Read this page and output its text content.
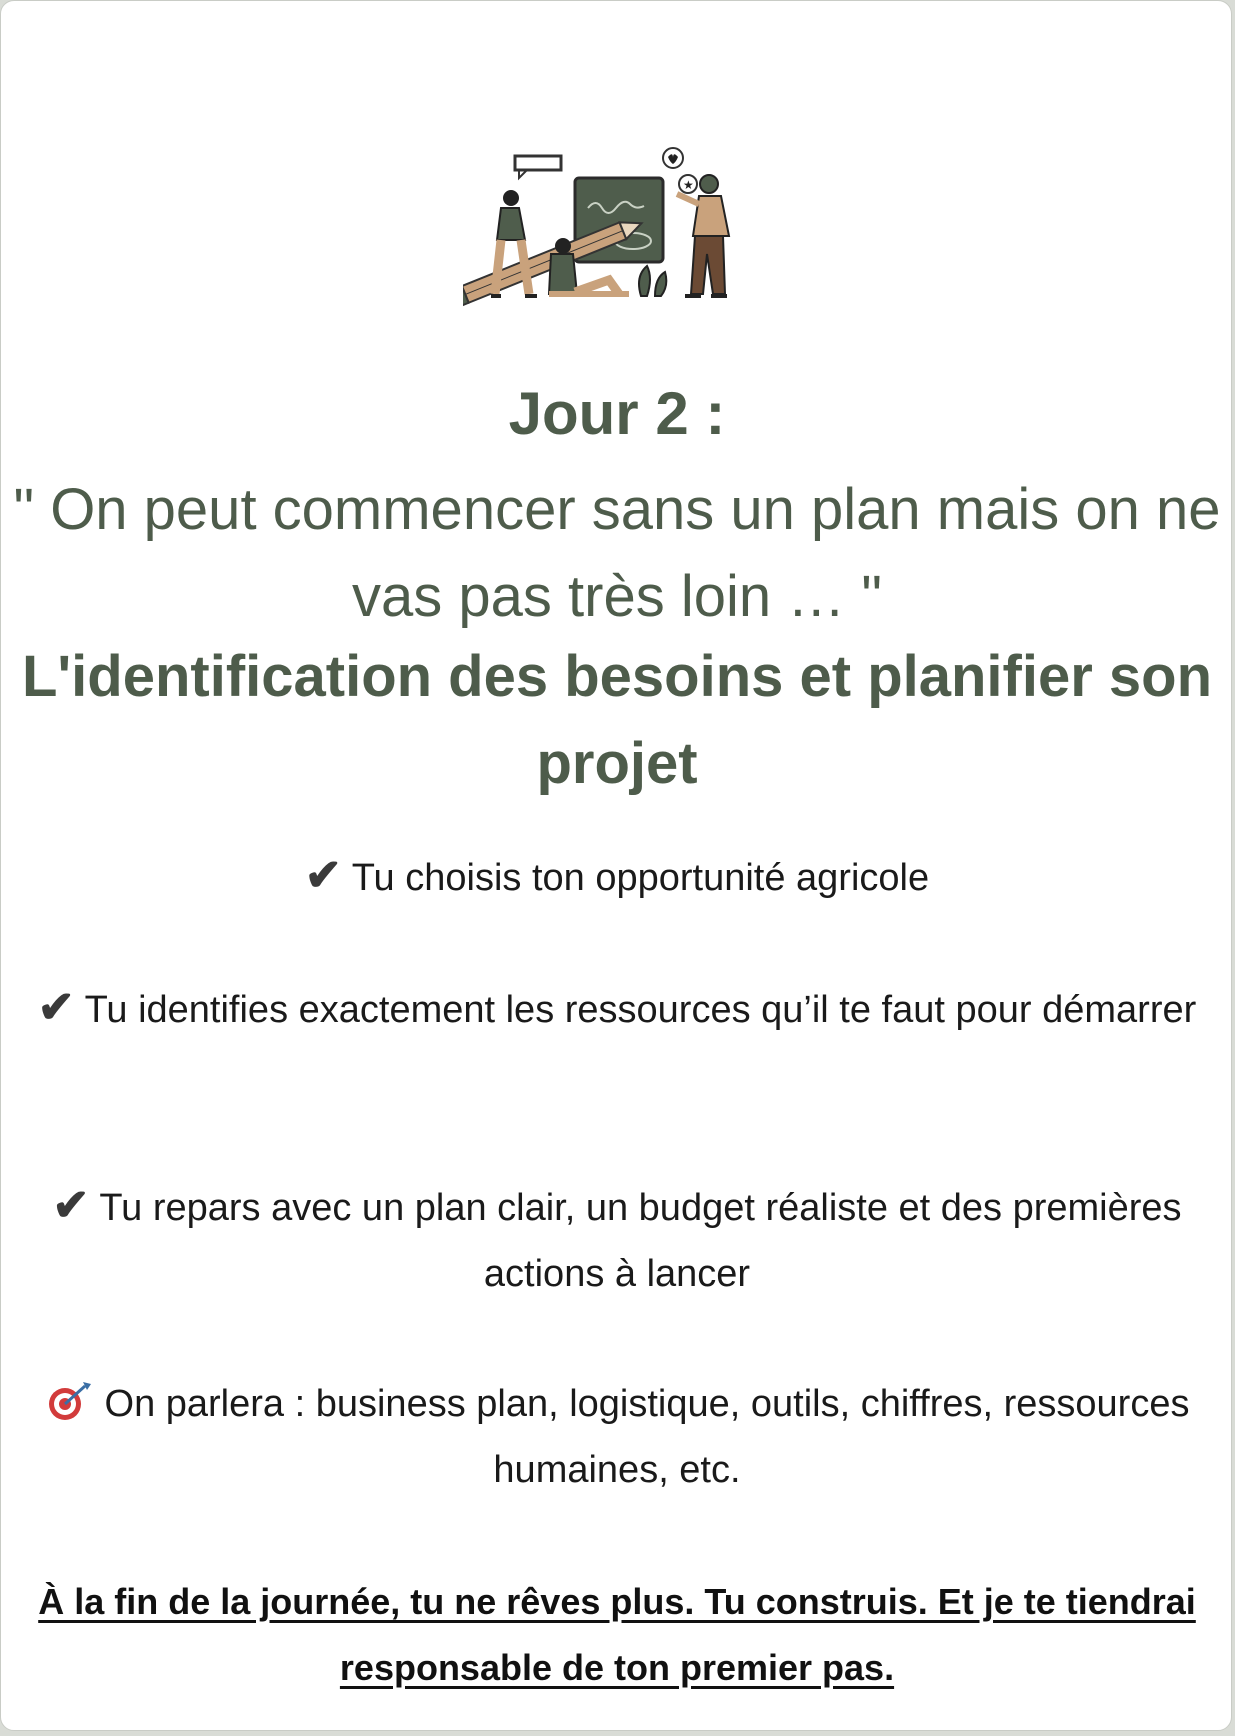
★
Jour 2 :
" On peut commencer sans un plan mais on ne vas pas très loin … "
L'identification des besoins et planifier son projet
✔ Tu choisis ton opportunité agricole
✔ Tu identifies exactement les ressources qu’il te faut pour démarrer
✔ Tu repars avec un plan clair, un budget réaliste et des premières actions à lancer
On parlera : business plan, logistique, outils, chiffres, ressources humaines, etc.
À la fin de la journée, tu ne rêves plus. Tu construis. Et je te tiendrai responsable de ton premier pas.
